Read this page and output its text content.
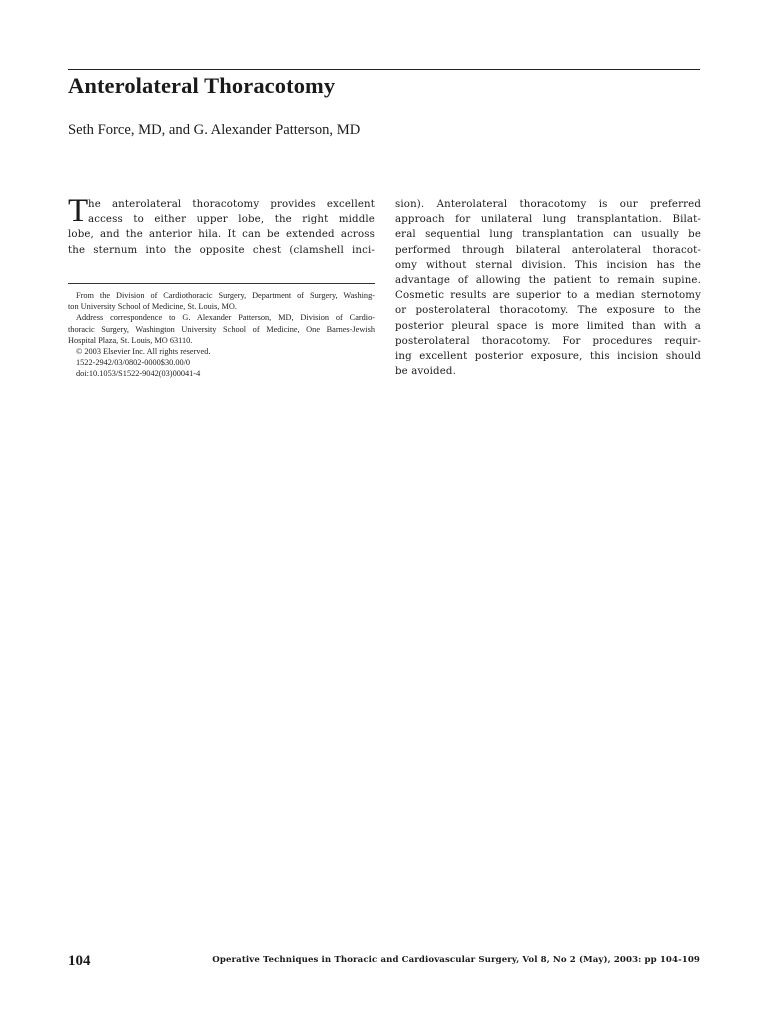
Anterolateral Thoracotomy

Seth Force, MD, and G. Alexander Patterson, MD

T he anterolateral thoracotomy provides excellent
access to either upper lobe, the right middle
lobe, and the anterior hila. It can be extended across
the sternum into the opposite chest (clamshell inci-
From the Division of Cardiothoracic Surgery, Department of Surgery, Washing-
ton University School of Medicine, St. Louis, MO.
Address correspondence to G. Alexander Patterson, MD, Division of Cardio-
thoracic Surgery, Washington University School of Medicine, One Barnes-Jewish
Hospital Plaza, St. Louis, MO 63110.
© 2003 Elsevier Inc. All rights reserved.
1522-2942/03/0802-0000$30.00/0
doi:10.1053/S1522-9042(03)00041-4
sion). Anterolateral thoracotomy is our preferred
approach for unilateral lung transplantation. Bilat-
eral sequential lung transplantation can usually be
performed through bilateral anterolateral thoracot-
omy without sternal division. This incision has the
advantage of allowing the patient to remain supine.
Cosmetic results are superior to a median sternotomy
or posterolateral thoracotomy. The exposure to the
posterior pleural space is more limited than with a
posterolateral thoracotomy. For procedures requir-
ing excellent posterior exposure, this incision should
be avoided.
104	Operative Techniques in Thoracic and Cardiovascular Surgery, Vol 8, No 2 (May), 2003: pp 104-109
